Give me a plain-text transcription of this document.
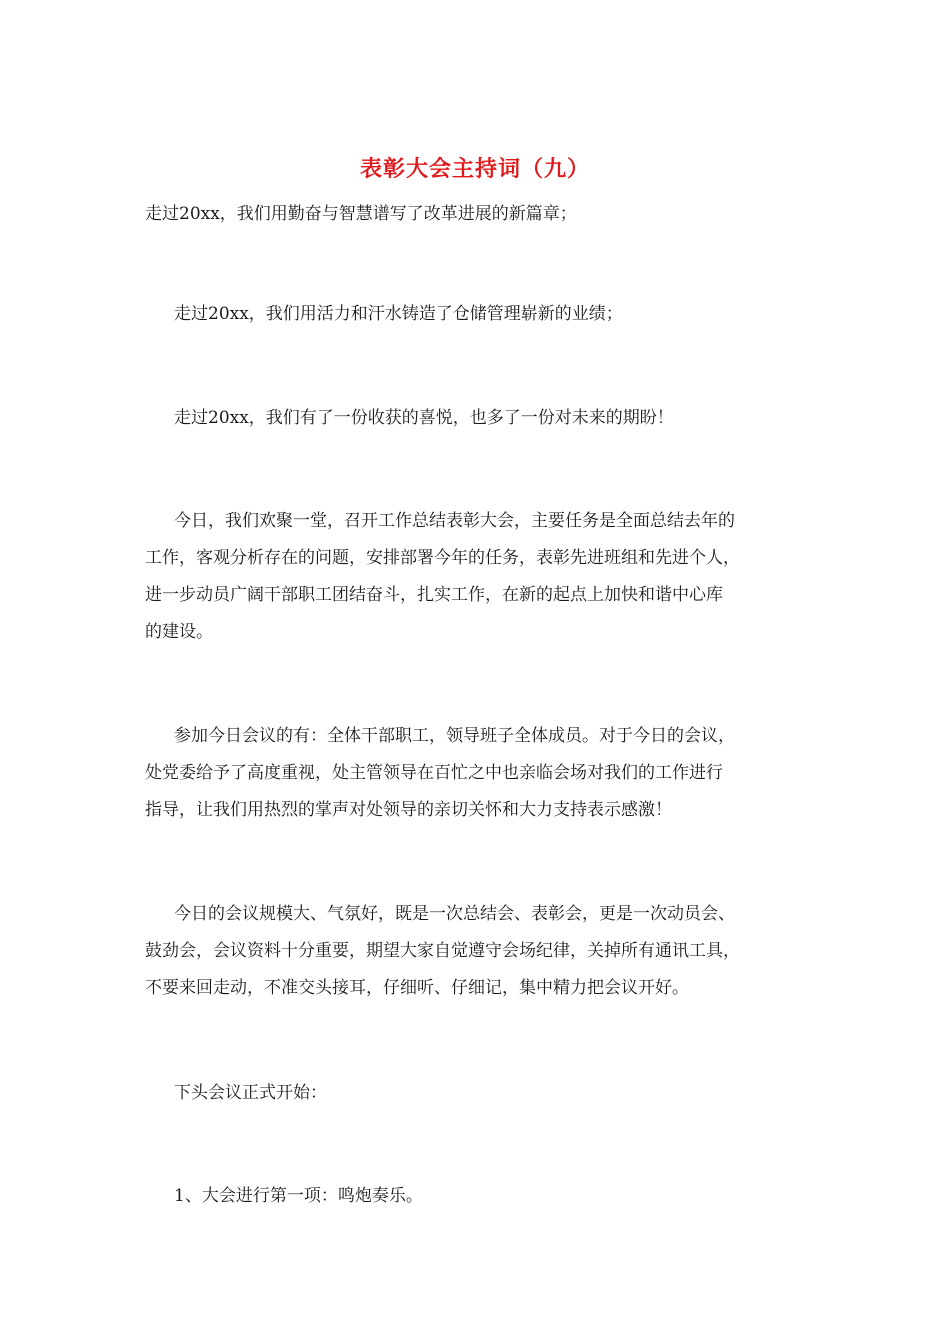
表彰大会主持词（九）

走过20xx，我们用勤奋与智慧谱写了改革进展的新篇章；

走过20xx，我们用活力和汗水铸造了仓储管理崭新的业绩；

走过20xx，我们有了一份收获的喜悦，也多了一份对未来的期盼！

今日，我们欢聚一堂，召开工作总结表彰大会，主要任务是全面总结去年的
工作，客观分析存在的问题，安排部署今年的任务，表彰先进班组和先进个人，
进一步动员广阔干部职工团结奋斗，扎实工作，在新的起点上加快和谐中心库
的建设。

参加今日会议的有：全体干部职工，领导班子全体成员。对于今日的会议，
处党委给予了高度重视，处主管领导在百忙之中也亲临会场对我们的工作进行
指导，让我们用热烈的掌声对处领导的亲切关怀和大力支持表示感激！

今日的会议规模大、气氛好，既是一次总结会、表彰会，更是一次动员会、
鼓劲会，会议资料十分重要，期望大家自觉遵守会场纪律，关掉所有通讯工具，
不要来回走动，不准交头接耳，仔细听、仔细记，集中精力把会议开好。

下头会议正式开始：

1、大会进行第一项：鸣炮奏乐。
